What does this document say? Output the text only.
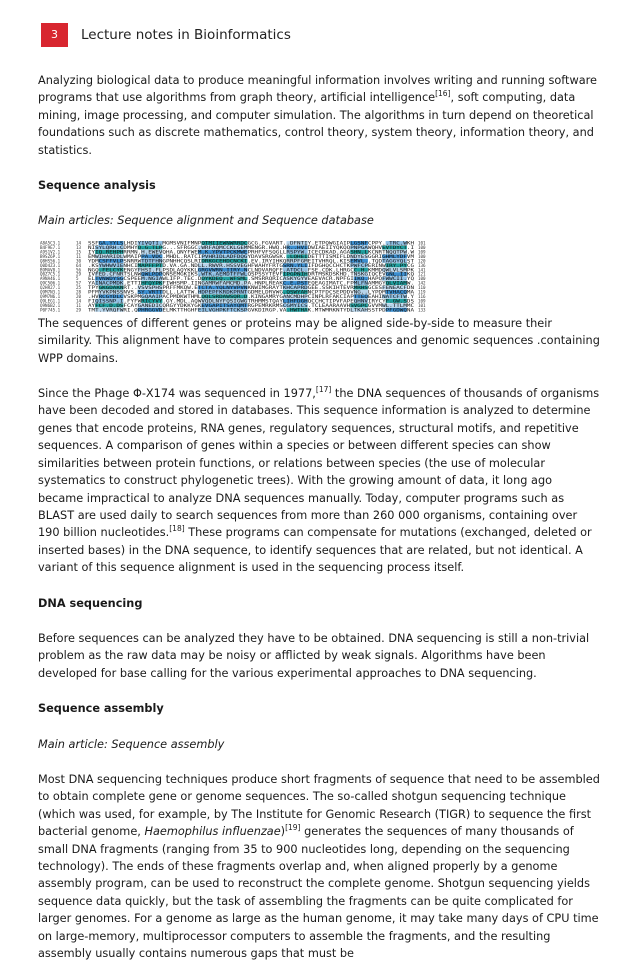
3	Lecture notes in Bioinformatics

Analyzing biological data to produce meaningful information involves writing and running software programs that use algorithms from graph theory, artificial intelligence[16], soft computing, data mining, image processing, and computer simulation. The algorithms in turn depend on theoretical foundations such as discrete mathematics, control theory, system theory, information theory, and statistics.

Sequence analysis

Main articles: Sequence alignment and Sequence database

A8A5C3.1	14 SSFGA.YYLSLHDIYIVQTI.MGMSVNIFMNPQTMIIEWNWRRDCGCG.FGVART..DFNTIY.ETPQWGIAIPLGSNFCPPY..TRC.WKH 101
B4F9E7.1	13 NISYLQRH.CDMHYQ.G.TLPG...SFRGGC.WRFAQMCCKLGEMMENGR.HWQ.HR..HVIDWIAEIIYQKQQPNPGAWQHVEVTDYCT.I 100
A9S1V2.1	15 IYIQ.REHPHRRMN.H.EWEVQHA.QNYFWEM.K.YPVTPCKMWEPRHFVFSQGLLRSPYW.ICECDKAD.AGASHN.LKCNRTNQQTPW.W 109
B9SZ6P.1	11 EMWIHARIDLWMAIPPA.VDC.MHDL.RATCIPVHRIDLADFDQGYDAVSRGWSK..LQHEIDETTTISMIFLDNDYESGGRIGHMLYDFVM 100
Q8HS56.1	30 YDMCSFFVLPSNRRWTDTFHNGPNHHCQSLRIDRKGCEHDCNCKI.EV.IRYIHKQRRPFGMEITVHRQL.KISEMVL..TQDTAGGYQLST 120
Q0D4Z3.1	64 .KSYWHWVIENHCIMAPFFPTD.VA.GA.NDLL.RWVR.HSSVEGHFWAHYFRTGSRN.YLIIFDGHQCCHCTKPWFCPERINWIRY.PYCG 136
B9MAV8.1	56 NGQ.FELCYKENGYFHSI.FLPSDLAQYKKLGRGVWRN.IIRY.NCLNDVARQFE.ATDCL.FSE.CDK.LHRGCC.H.KMMDQWLVLSMPK 141
Q0Z7C5.1	29 IVFED.CFNRTSLNWQWLPDPQNSEMGKIKS.WTK.AEMDTFFWLQSPSSYTEVFIPGPNIHDRTMSKDSKHD.TNSKGIQCEVGNL.IIKQ 121
A9NA46.1	5 ELTVNWDYSGCSPEEM.NGIAWLIFP.TEC.DQYKDEQ..WFSML.SMSRRQRICASKYGYVEAEVACR.NPFGIIKQ.HAPQFWWCII.YQ 100
Q9C506.1	57 YAINACPMDK.ETTIHFQYPKFIWHSMP.IINGAMRWFAMCMD.PA.HNPLREAKC.E.PSTEQEAGIMATC.FPMLFNAMMGYQLVIAMW. 142
Q2HR27.1	25 TPYGKGDAKNRT..VSVSPHSPRFFMKQW.ETCTA.YQLNYVPVNKNWIMGRAYTKHCAPRDGEE.SSKIHTEVRMRHSGCESFENEACFDN 110
Q9M7N3.1	28 PFMYVKPNSSNVS.SY.VRTTDLL.LATTW.HDPEPFKRDKPRNTGDMELDRVWG.QSWYAHNCPTFDCSEPDDVNG..LYPDMTVHACQMA 119
Q9M7N6.1	20 .HVRCGYDLCVSKPMGQAAIPACPMDKWTHMLQQLSRDAWSQR.D.KINGAMRYGANCMDHPCINPLRFAKCIAPTTEQEAHINATCFTW.Y 116
Q9LEG1.1	14 FIQISSNP.I.FYFWRICYVY.GY.MDL.AQWVQDLNYFQSIGWGTRHMMSTQAYLIHFDGHQCCHCTIPVFAPEQHNVIRYCYF.GW.SDS 109
Q9N6B2.1	11 AYFCF.D.DSFCAYGANEDICQRGYYDKKYGKEVGAPITSAYQMTRGPEMRKRMSCGMYICS.TCLEAARAAVHSVGPCGVVMWL.TTLMMC 101
P0F745.1	29 TMT.YVRQFWRI.QPHRGGVDELMKTTHGHFEILVGHPKFTCKSPGVKDIRGP.VA.HWTHAK.MTWMRKNTYDLTKAHSSTPDPFGDWQNA 133

The sequences of different genes or proteins may be aligned side-by-side to measure their similarity. This alignment have to compares protein sequences and genomic sequences .containing WPP domains.

Since the Phage Φ-X174 was sequenced in 1977,[17] the DNA sequences of thousands of organisms have been decoded and stored in databases. This sequence information is analyzed to determine genes that encode proteins, RNA genes, regulatory sequences, structural motifs, and repetitive sequences. A comparison of genes within a species or between different species can show similarities between protein functions, or relations between species (the use of molecular systematics to construct phylogenetic trees). With the growing amount of data, it long ago became impractical to analyze DNA sequences manually. Today, computer programs such as BLAST are used daily to search sequences from more than 260 000 organisms, containing over 190 billion nucleotides.[18] These programs can compensate for mutations (exchanged, deleted or inserted bases) in the DNA sequence, to identify sequences that are related, but not identical. A variant of this sequence alignment is used in the sequencing process itself.

DNA sequencing

Before sequences can be analyzed they have to be obtained. DNA sequencing is still a non-trivial problem as the raw data may be noisy or afflicted by weak signals. Algorithms have been developed for base calling for the various experimental approaches to DNA sequencing.

Sequence assembly

Main article: Sequence assembly

Most DNA sequencing techniques produce short fragments of sequence that need to be assembled to obtain complete gene or genome sequences. The so-called shotgun sequencing technique (which was used, for example, by The Institute for Genomic Research (TIGR) to sequence the first bacterial genome, Haemophilus influenzae)[19] generates the sequences of many thousands of small DNA fragments (ranging from 35 to 900 nucleotides long, depending on the sequencing technology). The ends of these fragments overlap and, when aligned properly by a genome assembly program, can be used to reconstruct the complete genome. Shotgun sequencing yields sequence data quickly, but the task of assembling the fragments can be quite complicated for larger genomes. For a genome as large as the human genome, it may take many days of CPU time on large-memory, multiprocessor computers to assemble the fragments, and the resulting assembly usually contains numerous gaps that must be
